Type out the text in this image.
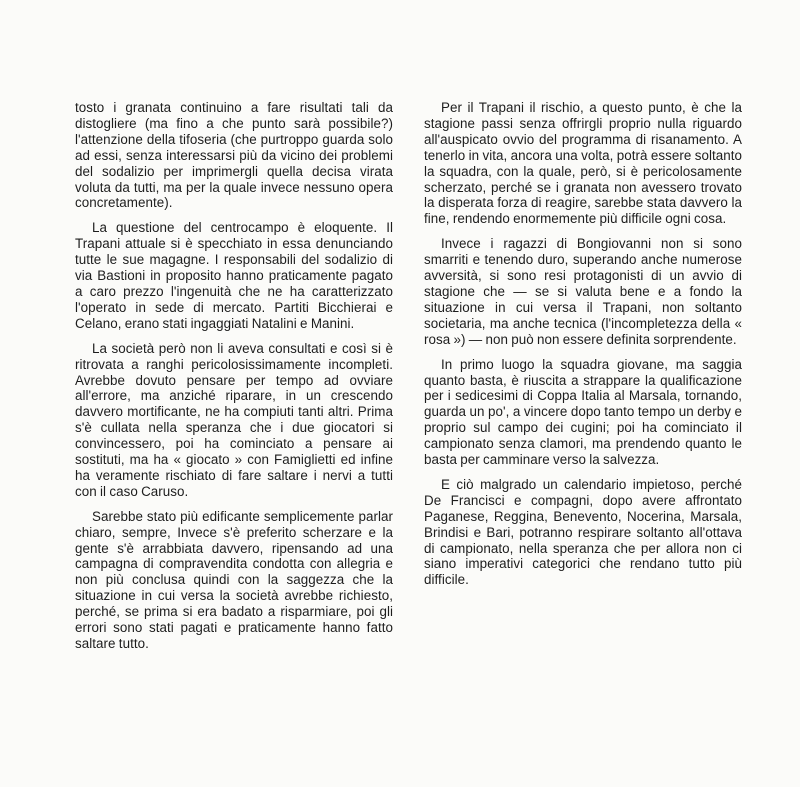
tosto i granata continuino a fare risultati tali da distogliere (ma fino a che punto sarà possibile?) l'attenzione della tifoseria (che purtroppo guarda solo ad essi, senza interessarsi più da vicino dei problemi del sodalizio per imprimergli quella decisa virata voluta da tutti, ma per la quale invece nessuno opera concretamente).

La questione del centrocampo è eloquente. Il Trapani attuale si è specchiato in essa denunciando tutte le sue magagne. I responsabili del sodalizio di via Bastioni in proposito hanno praticamente pagato a caro prezzo l'ingenuità che ne ha caratterizzato l'operato in sede di mercato. Partiti Bicchierai e Celano, erano stati ingaggiati Natalini e Manini.

La società però non li aveva consultati e così si è ritrovata a ranghi pericolosissimamente incompleti. Avrebbe dovuto pensare per tempo ad ovviare all'errore, ma anziché riparare, in un crescendo davvero mortificante, ne ha compiuti tanti altri. Prima s'è cullata nella speranza che i due giocatori si convincessero, poi ha cominciato a pensare ai sostituti, ma ha « giocato » con Famiglietti ed infine ha veramente rischiato di fare saltare i nervi a tutti con il caso Caruso.

Sarebbe stato più edificante semplicemente parlar chiaro, sempre, Invece s'è preferito scherzare e la gente s'è arrabbiata davvero, ripensando ad una campagna di compravendita condotta con allegria e non più conclusa quindi con la saggezza che la situazione in cui versa la società avrebbe richiesto, perché, se prima si era badato a risparmiare, poi gli errori sono stati pagati e praticamente hanno fatto saltare tutto.

Per il Trapani il rischio, a questo punto, è che la stagione passi senza offrirgli proprio nulla riguardo all'auspicato ovvio del programma di risanamento. A tenerlo in vita, ancora una volta, potrà essere soltanto la squadra, con la quale, però, si è pericolosamente scherzato, perché se i granata non avessero trovato la disperata forza di reagire, sarebbe stata davvero la fine, rendendo enormemente più difficile ogni cosa.

Invece i ragazzi di Bongiovanni non si sono smarriti e tenendo duro, superando anche numerose avversità, si sono resi protagonisti di un avvio di stagione che — se si valuta bene e a fondo la situazione in cui versa il Trapani, non soltanto societaria, ma anche tecnica (l'incompletezza della « rosa ») — non può non essere definita sorprendente.

In primo luogo la squadra giovane, ma saggia quanto basta, è riuscita a strappare la qualificazione per i sedicesimi di Coppa Italia al Marsala, tornando, guarda un po', a vincere dopo tanto tempo un derby e proprio sul campo dei cugini; poi ha cominciato il campionato senza clamori, ma prendendo quanto le basta per camminare verso la salvezza.

E ciò malgrado un calendario impietoso, perché De Francisci e compagni, dopo avere affrontato Paganese, Reggina, Benevento, Nocerina, Marsala, Brindisi e Bari, potranno respirare soltanto all'ottava di campionato, nella speranza che per allora non ci siano imperativi categorici che rendano tutto più difficile.
